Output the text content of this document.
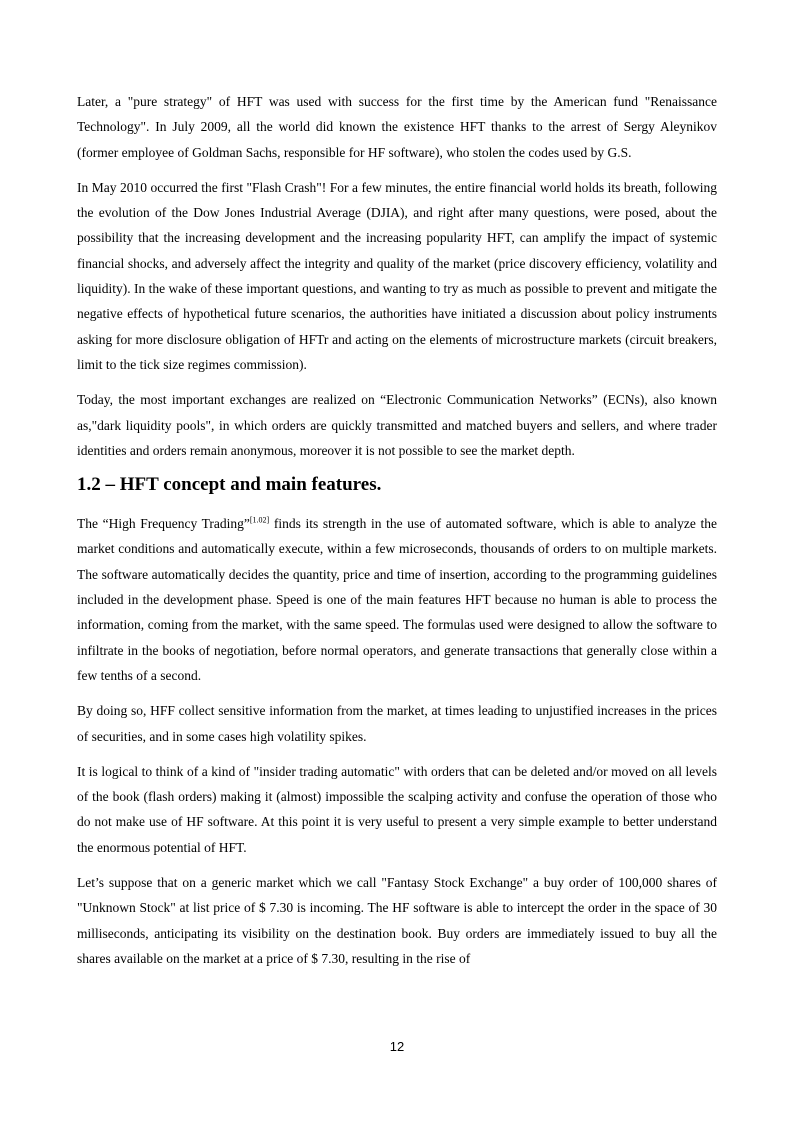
Later, a "pure strategy" of HFT was used with success for the first time by the American fund "Renaissance Technology". In July 2009, all the world did known the existence HFT thanks to the arrest of Sergy Aleynikov (former employee of Goldman Sachs, responsible for HF software), who stolen the codes used by G.S.

In May 2010 occurred the first "Flash Crash"! For a few minutes, the entire financial world holds its breath, following the evolution of the Dow Jones Industrial Average (DJIA), and right after many questions, were posed, about the possibility that the increasing development and the increasing popularity HFT, can amplify the impact of systemic financial shocks, and adversely affect the integrity and quality of the market (price discovery efficiency, volatility and liquidity). In the wake of these important questions, and wanting to try as much as possible to prevent and mitigate the negative effects of hypothetical future scenarios, the authorities have initiated a discussion about policy instruments asking for more disclosure obligation of HFTr and acting on the elements of microstructure markets (circuit breakers, limit to the tick size regimes commission).

Today, the most important exchanges are realized on “Electronic Communication Networks” (ECNs), also known as,"dark liquidity pools", in which orders are quickly transmitted and matched buyers and sellers, and where trader identities and orders remain anonymous, moreover it is not possible to see the market depth.

1.2 – HFT concept and main features.

The “High Frequency Trading”[1.02] finds its strength in the use of automated software, which is able to analyze the market conditions and automatically execute, within a few microseconds, thousands of orders to on multiple markets. The software automatically decides the quantity, price and time of insertion, according to the programming guidelines included in the development phase. Speed is one of the main features HFT because no human is able to process the information, coming from the market, with the same speed. The formulas used were designed to allow the software to infiltrate in the books of negotiation, before normal operators, and generate transactions that generally close within a few tenths of a second.

By doing so, HFF collect sensitive information from the market, at times leading to unjustified increases in the prices of securities, and in some cases high volatility spikes.

It is logical to think of a kind of "insider trading automatic" with orders that can be deleted and/or moved on all levels of the book (flash orders) making it (almost) impossible the scalping activity and confuse the operation of those who do not make use of HF software. At this point it is very useful to present a very simple example to better understand the enormous potential of HFT.

Let’s suppose that on a generic market which we call "Fantasy Stock Exchange" a buy order of 100,000 shares of "Unknown Stock" at list price of $ 7.30 is incoming. The HF software is able to intercept the order in the space of 30 milliseconds, anticipating its visibility on the destination book. Buy orders are immediately issued to buy all the shares available on the market at a price of $ 7.30, resulting in the rise of

12
